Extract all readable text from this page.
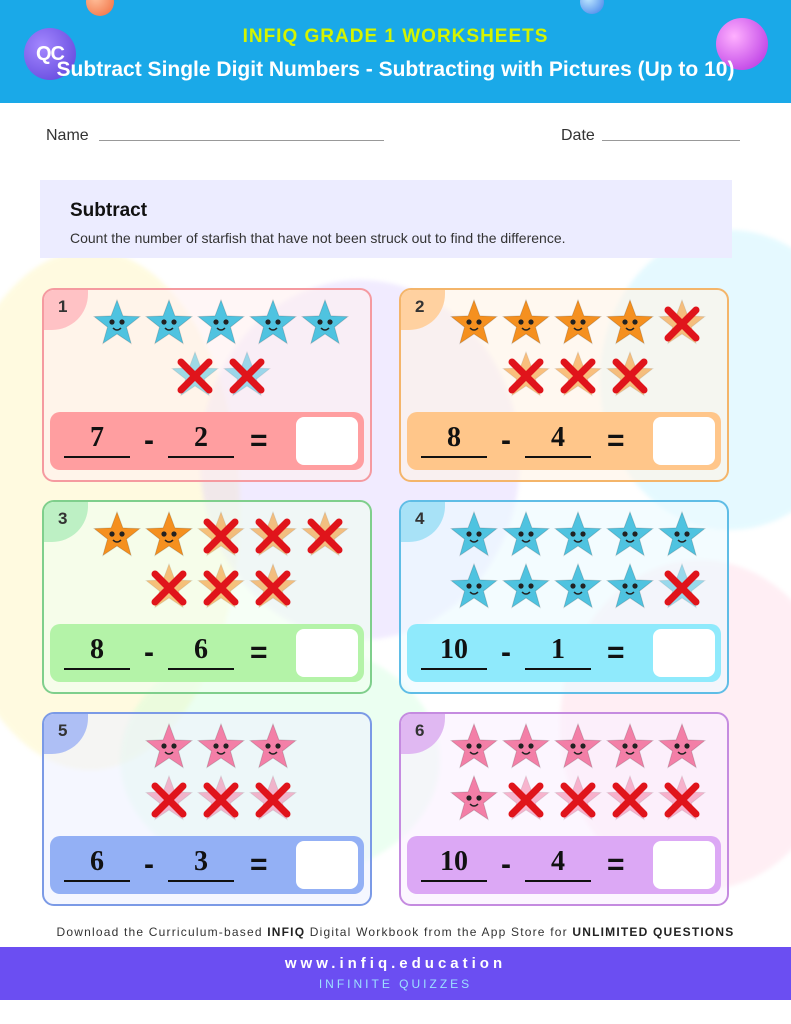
QC
INFIQ GRADE 1 WORKSHEETS
Subtract Single Digit Numbers - Subtracting with Pictures (Up to 10)
Name	Date
Subtract
Count the number of starfish that have not been struck out to find the difference.
1
7	-	2	=
2
8	-	4	=
3
8	-	6	=
4
10	-	1	=
5
6	-	3	=
6
10	-	4	=
Download the Curriculum-based INFIQ Digital Workbook from the App Store for UNLIMITED QUESTIONS
www.infiq.education
INFINITE QUIZZES
